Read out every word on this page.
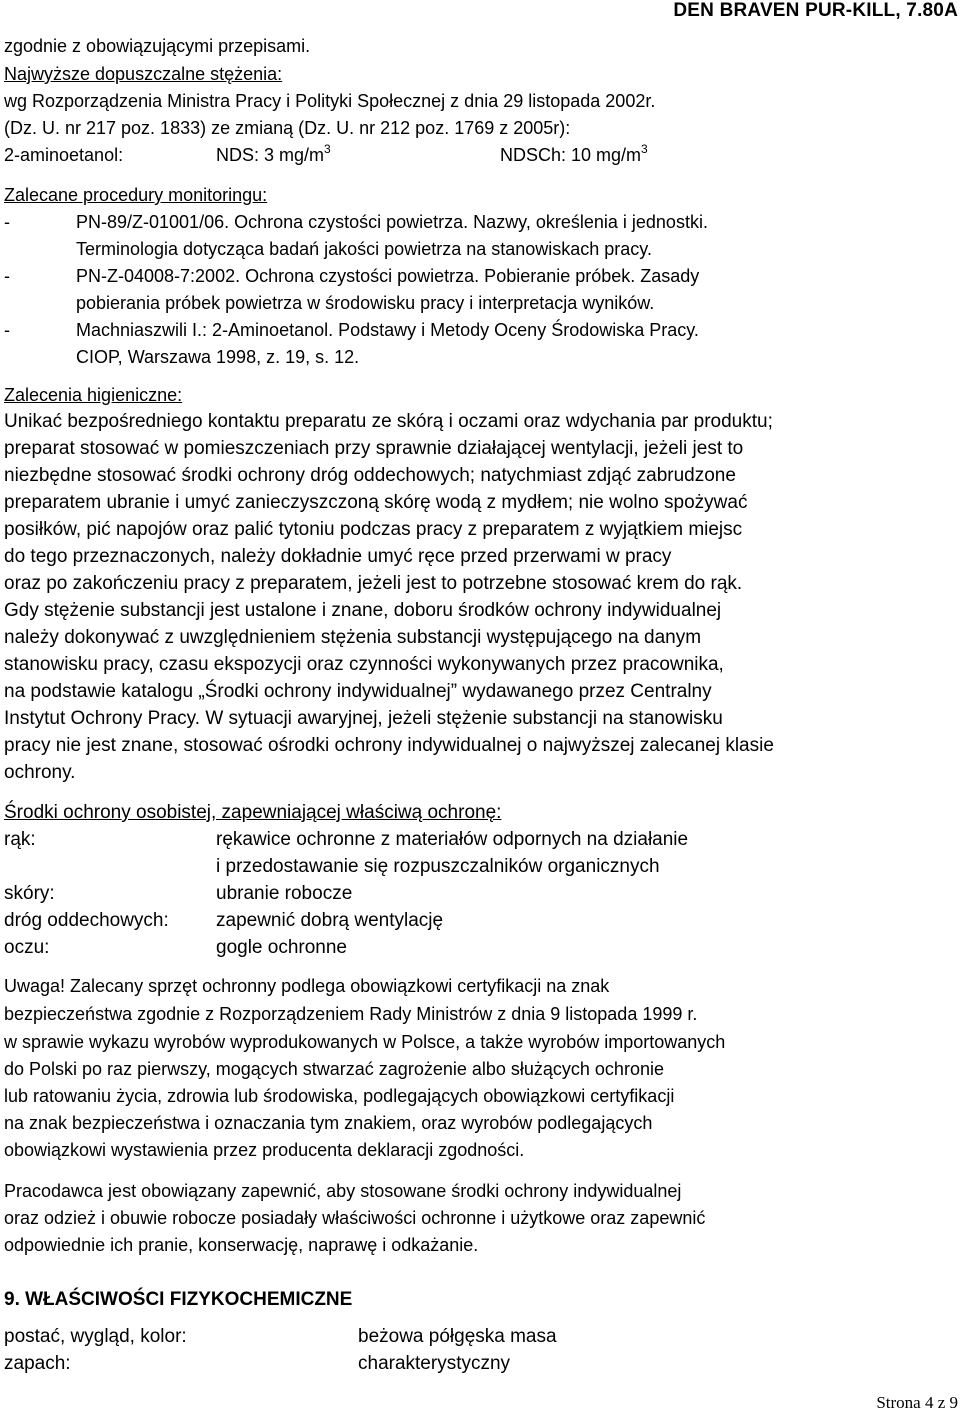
DEN BRAVEN PUR-KILL, 7.80A
zgodnie z obowiązującymi przepisami.
Najwyższe dopuszczalne stężenia:
wg Rozporządzenia Ministra Pracy i Polityki Społecznej z dnia 29 listopada 2002r.
(Dz. U. nr 217 poz. 1833) ze zmianą (Dz. U. nr 212 poz. 1769 z 2005r):
2-aminoetanol:	NDS: 3 $mg/m^3$	NDSCh: 10 $mg/m^3$
Zalecane procedury monitoringu:
-	PN-89/Z-01001/06. Ochrona czystości powietrza. Nazwy, określenia i jednostki.
Terminologia dotycząca badań jakości powietrza na stanowiskach pracy.
-	PN-Z-04008-7:2002. Ochrona czystości powietrza. Pobieranie próbek. Zasady
pobierania próbek powietrza w środowisku pracy i interpretacja wyników.
-	Machniaszwili I.: 2-Aminoetanol. Podstawy i Metody Oceny Środowiska Pracy.
CIOP, Warszawa 1998, z. 19, s. 12.
Zalecenia higieniczne:
Unikać bezpośredniego kontaktu preparatu ze skórą i oczami oraz wdychania par produktu;
preparat stosować w pomieszczeniach przy sprawnie działającej wentylacji, jeżeli jest to
niezbędne stosować środki ochrony dróg oddechowych; natychmiast zdjąć zabrudzone
preparatem ubranie i umyć zanieczyszczoną skórę wodą z mydłem; nie wolno spożywać
posiłków, pić napojów oraz palić tytoniu podczas pracy z preparatem z wyjątkiem miejsc
do tego przeznaczonych, należy dokładnie umyć ręce przed przerwami w pracy
oraz po zakończeniu pracy z preparatem, jeżeli jest to potrzebne stosować krem do rąk.
Gdy stężenie substancji jest ustalone i znane, doboru środków ochrony indywidualnej
należy dokonywać z uwzględnieniem stężenia substancji występującego na danym
stanowisku pracy, czasu ekspozycji oraz czynności wykonywanych przez pracownika,
na podstawie katalogu „Środki ochrony indywidualnej” wydawanego przez Centralny
Instytut Ochrony Pracy. W sytuacji awaryjnej, jeżeli stężenie substancji na stanowisku
pracy nie jest znane, stosować ośrodki ochrony indywidualnej o najwyższej zalecanej klasie
ochrony.
Środki ochrony osobistej, zapewniającej właściwą ochronę:
rąk:	rękawice ochronne z materiałów odpornych na działanie
i przedostawanie się rozpuszczalników organicznych
skóry:	ubranie robocze
dróg oddechowych: zapewnić dobrą wentylację
oczu:	gogle ochronne
Uwaga! Zalecany sprzęt ochronny podlega obowiązkowi certyfikacji na znak
bezpieczeństwa zgodnie z Rozporządzeniem Rady Ministrów z dnia 9 listopada 1999 r.
w sprawie wykazu wyrobów wyprodukowanych w Polsce, a także wyrobów importowanych
do Polski po raz pierwszy, mogących stwarzać zagrożenie albo służących ochronie
lub ratowaniu życia, zdrowia lub środowiska, podlegających obowiązkowi certyfikacji
na znak bezpieczeństwa i oznaczania tym znakiem, oraz wyrobów podlegających
obowiązkowi wystawienia przez producenta deklaracji zgodności.
Pracodawca jest obowiązany zapewnić, aby stosowane środki ochrony indywidualnej
oraz odzież i obuwie robocze posiadały właściwości ochronne i użytkowe oraz zapewnić
odpowiednie ich pranie, konserwację, naprawę i odkażanie.
9. WŁAŚCIWOŚCI FIZYKOCHEMICZNE
postać, wygląd, kolor:	beżowa półgęska masa
zapach:	charakterystyczny
Strona 4 z 9
